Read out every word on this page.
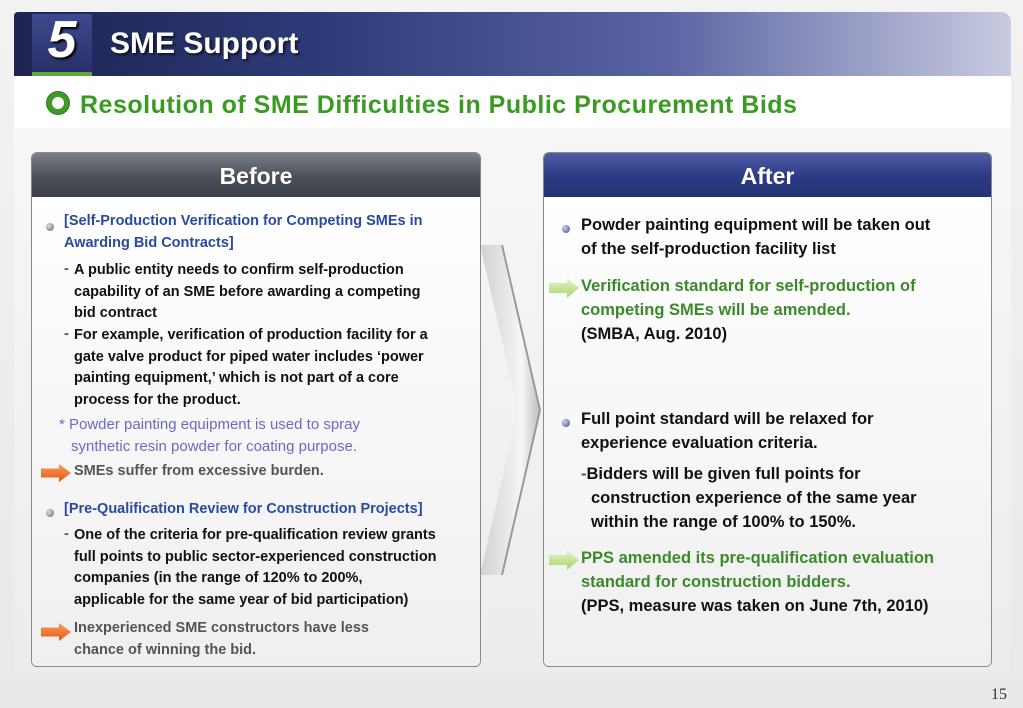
5	SME Support
Resolution of SME Difficulties in Public Procurement Bids
Before
[Self-Production Verification for Competing SMEs in
Awarding Bid Contracts]
- A public entity needs to confirm self-production
capability of an SME before awarding a competing
bid contract
- For example, verification of production facility for a
gate valve product for piped water includes ‘power
painting equipment,’ which is not part of a core
process for the product.
* Powder painting equipment is used to spray
synthetic resin powder for coating purpose.
SMEs suffer from excessive burden.
[Pre-Qualification Review for Construction Projects]
- One of the criteria for pre-qualification review grants
full points to public sector-experienced construction
companies (in the range of 120% to 200%,
applicable for the same year of bid participation)
Inexperienced SME constructors have less
chance of winning the bid.
After
Powder painting equipment will be taken out
of the self-production facility list
Verification standard for self-production of
competing SMEs will be amended.
(SMBA, Aug. 2010)
Full point standard will be relaxed for
experience evaluation criteria.
-Bidders will be given full points for
construction experience of the same year
within the range of 100% to 150%.
PPS amended its pre-qualification evaluation
standard for construction bidders.
(PPS, measure was taken on June 7th, 2010)
15
